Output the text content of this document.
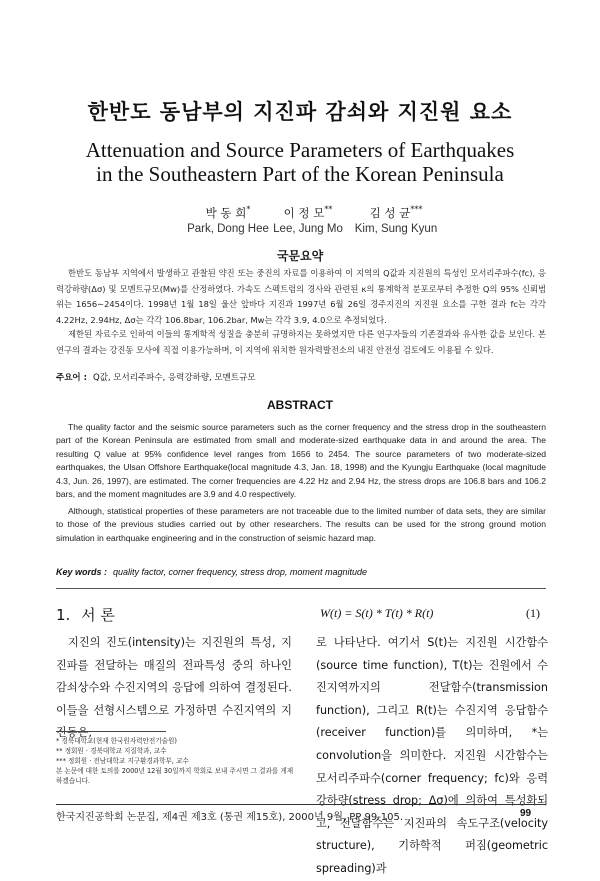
한반도 동남부의 지진파 감쇠와 지진원 요소
Attenuation and Source Parameters of Earthquakes
in the Southeastern Part of the Korean Peninsula
박 동 희*
Park, Dong Hee
이 정 모**
Lee, Jung Mo
김 성 균***
Kim, Sung Kyun
국문요약
한반도 동남부 지역에서 발생하고 관찰된 약진 또는 중진의 자료를 이용하여 이 지역의 Q값과 지진원의 특성인 모서리주파수(fc), 응력강하량(Δσ) 및 모멘트규모(Mw)를 산정하였다. 가속도 스펙트럼의 경사와 관련된 κ의 통계학적 분포로부터 추정한 Q의 95% 신뢰범위는 1656∼2454이다. 1998년 1월 18일 울산 앞바다 지진과 1997년 6월 26일 경주지진의 지진원 요소를 구한 결과 fc는 각각 4.22Hz, 2.94Hz, Δσ는 각각 106.8bar, 106.2bar, Mw는 각각 3.9, 4.0으로 추정되었다.
제한된 자료수로 인하여 이들의 통계학적 성질을 충분히 규명하지는 못하였지만 다른 연구자들의 기존결과와 유사한 값을 보인다. 본 연구의 결과는 강진동 모사에 직접 이용가능하며, 이 지역에 위치한 원자력발전소의 내진 안전성 검토에도 이용될 수 있다.
주요어 : Q값, 모서리주파수, 응력강하량, 모멘트규모
ABSTRACT
The quality factor and the seismic source parameters such as the corner frequency and the stress drop in the southeastern part of the Korean Peninsula are estimated from small and moderate-sized earthquake data in and around the area. The resulting Q value at 95% confidence level ranges from 1656 to 2454. The source parameters of two moderate-sized earthquakes, the Ulsan Offshore Earthquake(local magnitude 4.3, Jan. 18, 1998) and the Kyungju Earthquake (local magnitude 4.3, Jun. 26, 1997), are estimated. The corner frequencies are 4.22 Hz and 2.94 Hz, the stress drops are 106.8 bars and 106.2 bars, and the moment magnitudes are 3.9 and 4.0 respectively.
Although, statistical properties of these parameters are not traceable due to the limited number of data sets, they are similar to those of the previous studies carried out by other researchers. The results can be used for the strong ground motion simulation in earthquake engineering and in the construction of seismic hazard map.
Key words : quality factor, corner frequency, stress drop, moment magnitude
1. 서 론	W(t) = S(t) * T(t) * R(t)	(1)
지진의 진도(intensity)는 지진원의 특성, 지진파를 전달하는 매질의 전파특성 중의 하나인 감쇠상수와 수진지역의 응답에 의하여 결정된다. 이들을 선형시스템으로 가정하면 수진지역의 지진동은,
로 나타난다. 여기서 S(t)는 지진원 시간함수(source time function), T(t)는 진원에서 수진지역까지의 전달함수(transmission function), 그리고 R(t)는 수진지역 응답함수(receiver function)를 의미하며, *는 convolution을 의미한다. 지진원 시간함수는 모서리주파수(corner frequency; fc)와 응력강하량(stress drop; Δσ)에 의하여 특성화되고, 전달함수는 지진파의 속도구조(velocity structure), 기하학적 퍼짐(geometric spreading)과
* 경북대학교(현재 한국원자력안전기술원)
** 정회원 · 경북대학교 지질학과, 교수
*** 정회원 · 전남대학교 지구환경과학부, 교수
본 논문에 대한 토의를 2000년 12월 30일까지 학회로 보내 주시면 그 결과를 게재하겠습니다.
한국지진공학회 논문집, 제4권 제3호 (통권 제15호), 2000년 9월, PP 99-105.	99
